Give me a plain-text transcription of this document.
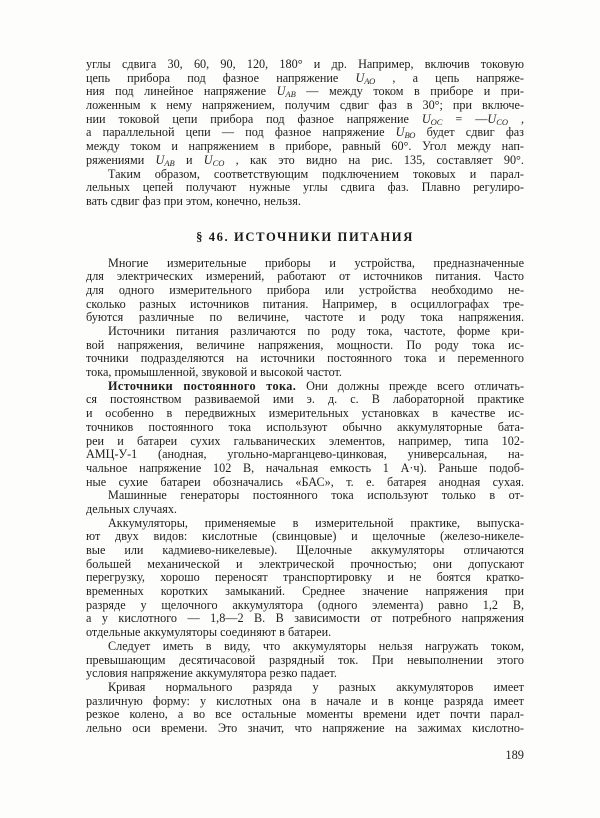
углы сдвига 30, 60, 90, 120, 180° и др. Например, включив токовую
цепь прибора под фазное напряжение $U_{АО}$ , а цепь напряже-
ния под линейное напряжение $U_{АВ}$ — между током в приборе и при-
ложенным к нему напряжением, получим сдвиг фаз в 30°; при включе-
нии токовой цепи прибора под фазное напряжение $U_{ОС}$ = $—U_{СО}$ ,
а параллельной цепи — под фазное напряжение $U_{ВО}$ будет сдвиг фаз
между током и напряжением в приборе, равный 60°. Угол между нап-
ряжениями $U_{АВ}$ и $U_{СО}$ , как это видно на рис. 135, составляет 90°.
Таким образом, соответствующим подключением токовых и парал-
лельных цепей получают нужные углы сдвига фаз. Плавно регулиро-
вать сдвиг фаз при этом, конечно, нельзя.
§ 46. ИСТОЧНИКИ ПИТАНИЯ
Многие измерительные приборы и устройства, предназначенные
для электрических измерений, работают от источников питания. Часто
для одного измерительного прибора или устройства необходимо не-
сколько разных источников питания. Например, в осциллографах тре-
буются различные по величине, частоте и роду тока напряжения.
Источники питания различаются по роду тока, частоте, форме кри-
вой напряжения, величине напряжения, мощности. По роду тока ис-
точники подразделяются на источники постоянного тока и переменного
тока, промышленной, звуковой и высокой частот.
Источники постоянного тока. Они должны прежде всего отличать-
ся постоянством развиваемой ими э. д. с. В лабораторной практике
и особенно в передвижных измерительных установках в качестве ис-
точников постоянного тока используют обычно аккумуляторные бата-
реи и батареи сухих гальванических элементов, например, типа 102-
АМЦ-У-1 (анодная, угольно-марганцево-цинковая, универсальная, на-
чальное напряжение 102 В, начальная емкость 1 А·ч). Раньше подоб-
ные сухие батареи обозначались «БАС», т. е. батарея анодная сухая.
Машинные генераторы постоянного тока используют только в от-
дельных случаях.
Аккумуляторы, применяемые в измерительной практике, выпуска-
ют двух видов: кислотные (свинцовые) и щелочные (железо-никеле-
вые или кадмиево-никелевые). Щелочные аккумуляторы отличаются
большей механической и электрической прочностью; они допускают
перегрузку, хорошо переносят транспортировку и не боятся кратко-
временных коротких замыканий. Среднее значение напряжения при
разряде у щелочного аккумулятора (одного элемента) равно 1,2 В,
а у кислотного — 1,8—2 В. В зависимости от потребного напряжения
отдельные аккумуляторы соединяют в батареи.
Следует иметь в виду, что аккумуляторы нельзя нагружать током,
превышающим десятичасовой разрядный ток. При невыполнении этого
условия напряжение аккумулятора резко падает.
Кривая нормального разряда у разных аккумуляторов имеет
различную форму: у кислотных она в начале и в конце разряда имеет
резкое колено, а во все остальные моменты времени идет почти парал-
лельно оси времени. Это значит, что напряжение на зажимах кислотно-
189
